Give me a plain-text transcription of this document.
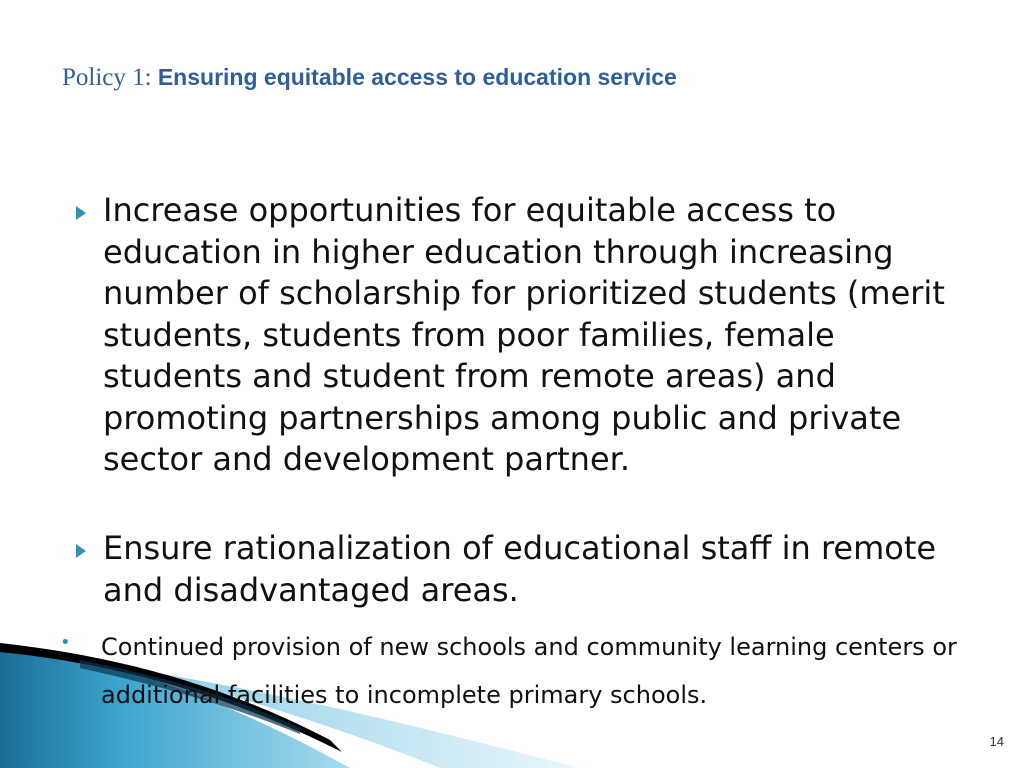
Policy 1: Ensuring equitable access to education service

Increase opportunities for equitable access to education in higher education through increasing number of scholarship for prioritized students (merit students, students from poor families, female students and student from remote areas) and promoting partnerships among public and private sector and development partner.

Ensure rationalization of educational staff in remote and disadvantaged areas.

• Continued provision of new schools and community learning centers or additional facilities to incomplete primary schools.

14
